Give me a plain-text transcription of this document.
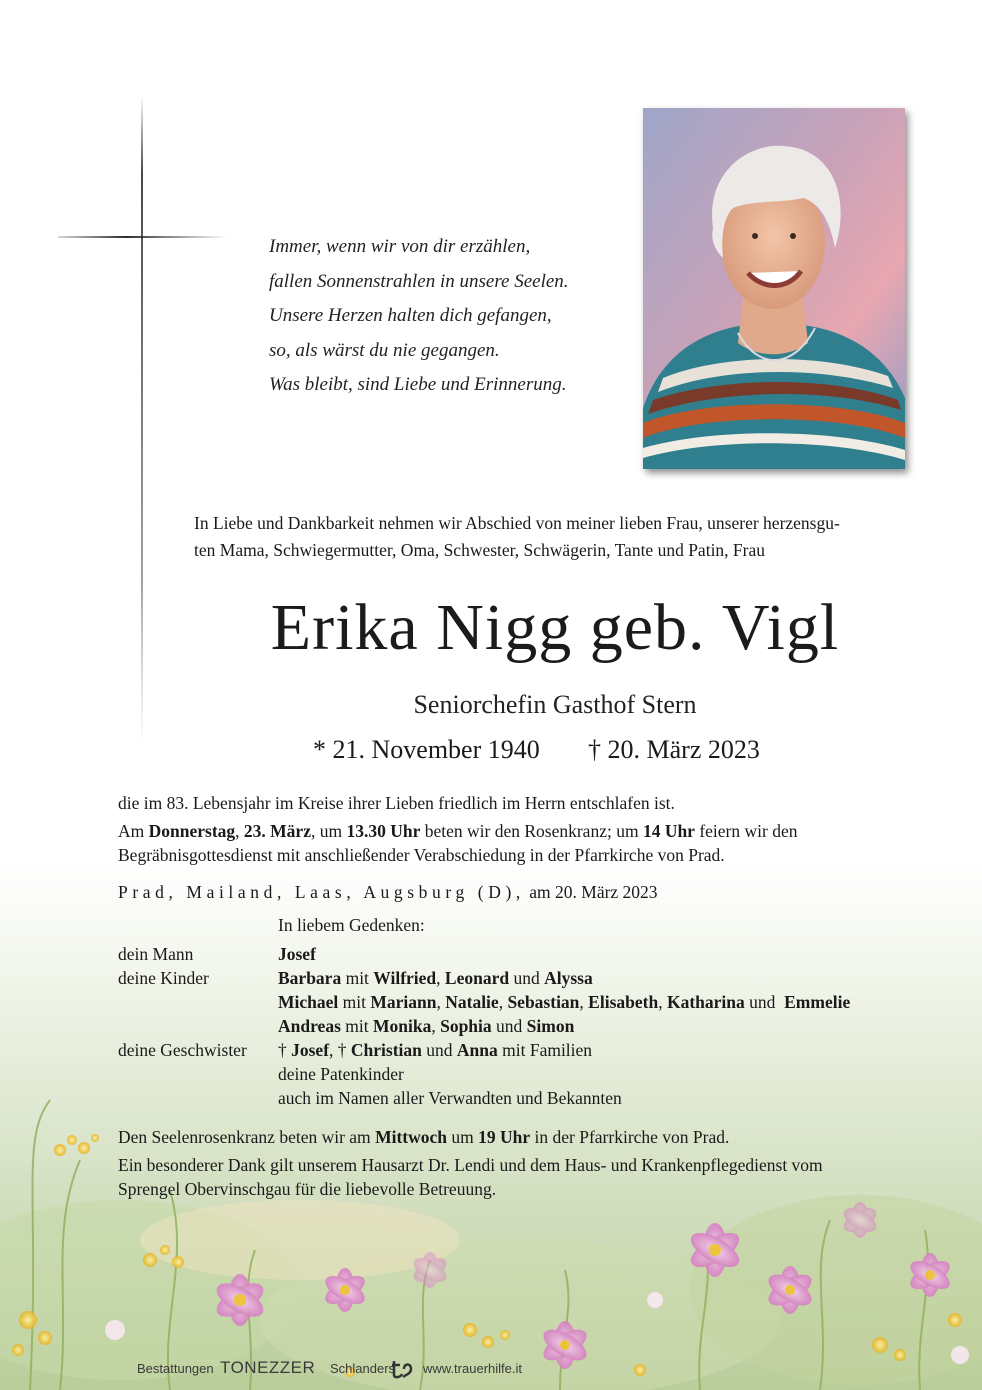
Immer, wenn wir von dir erzählen,
fallen Sonnenstrahlen in unsere Seelen.
Unsere Herzen halten dich gefangen,
so, als wärst du nie gegangen.
Was bleibt, sind Liebe und Erinnerung.
In Liebe und Dankbarkeit nehmen wir Abschied von meiner lieben Frau, unserer herzensgu-
ten Mama, Schwiegermutter, Oma, Schwester, Schwägerin, Tante und Patin, Frau
Erika Nigg geb. Vigl
Seniorchefin Gasthof Stern
* 21. November 1940 † 20. März 2023
die im 83. Lebensjahr im Kreise ihrer Lieben friedlich im Herrn entschlafen ist.
Am Donnerstag, 23. März, um 13.30 Uhr beten wir den Rosenkranz; um 14 Uhr feiern wir den
Begräbnisgottesdienst mit anschließender Verabschiedung in der Pfarrkirche von Prad.
Prad, Mailand, Laas, Augsburg (D), am 20. März 2023
In liebem Gedenken:
dein Mann	Josef
deine Kinder	Barbara mit Wilfried, Leonard und Alyssa
Michael mit Mariann, Natalie, Sebastian, Elisabeth, Katharina und  Emmelie
Andreas mit Monika, Sophia und Simon
deine Geschwister † Josef, † Christian und Anna mit Familien
deine Patenkinder
auch im Namen aller Verwandten und Bekannten
Den Seelenrosenkranz beten wir am Mittwoch um 19 Uhr in der Pfarrkirche von Prad.
Ein besonderer Dank gilt unserem Hausarzt Dr. Lendi und dem Haus- und Krankenpflegedienst vom
Sprengel Obervinschgau für die liebevolle Betreuung.
Bestattungen TONEZZER Schlanders www.trauerhilfe.it
